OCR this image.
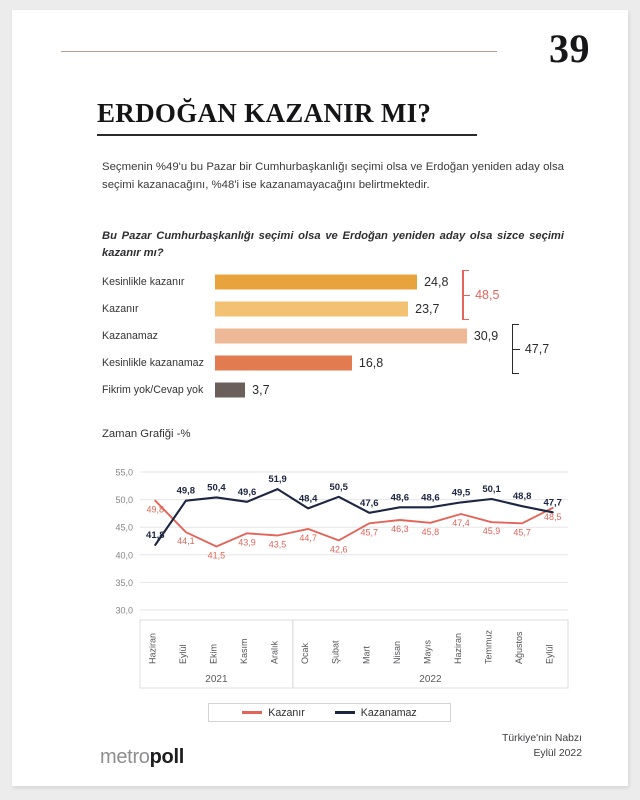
39
ERDOĞAN KAZANIR MI?
Seçmenin %49'u bu Pazar bir Cumhurbaşkanlığı seçimi olsa ve Erdoğan yeniden aday olsa seçimi kazanacağını, %48'i ise kazanamayacağını belirtmektedir.
Bu Pazar Cumhurbaşkanlığı seçimi olsa ve Erdoğan yeniden aday olsa sizce seçimi kazanır mı?
Kesinlikle kazanır	24,8
Kazanır	23,7
Kazanamaz	30,9
Kesinlikle kazanamaz	16,8
Fikrim yok/Cevap yok	3,7
48,5
47,7
Zaman Grafiği -%
30,0
35,0
40,0
45,0
50,0
55,0
49,8
44,1
41,5
43,9 43,5
44,7
42,6
45,7 46,3 45,8
47,4
45,9 45,7
48,5
41,8
49,8 50,4 49,6
51,9
48,4
50,5
47,6
48,6 48,6 49,5 50,1
48,8
47,7
2021	2022
Haziran Eylül Ekim Kasım Aralık Ocak Şubat Mart Nisan Mayıs Haziran Temmuz Ağustos Eylül
Kazanır	Kazanamaz
metropoll
Türkiye'nin Nabzı
Eylül 2022
